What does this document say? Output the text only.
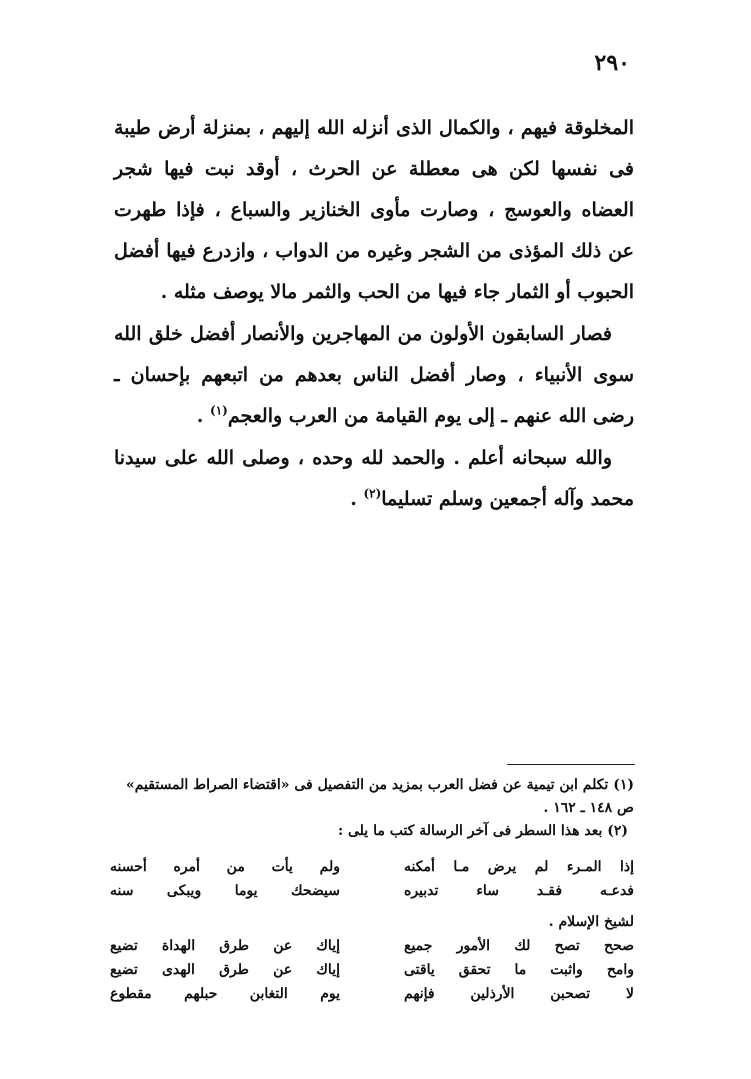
٢٩٠
المخلوقة فيهم ، والكمال الذى أنزله الله إليهم ، بمنزلة أرض طيبة فى نفسها لكن هى معطلة عن الحرث ، أوقد نبت فيها شجر العضاه والعوسج ، وصارت مأوى الخنازير والسباع ، فإذا طهرت عن ذلك المؤذى من الشجر وغيره من الدواب ، وازدرع فيها أفضل الحبوب أو الثمار جاء فيها من الحب والثمر مالا يوصف مثله .
فصار السابقون الأولون من المهاجرين والأنصار أفضل خلق الله سوى الأنبياء ، وصار أفضل الناس بعدهم من اتبعهم بإحسان ـ رضى الله عنهم ـ إلى يوم القيامة من العرب والعجم$^{(١)}$ .
والله سبحانه أعلم . والحمد لله وحده ، وصلى الله على سيدنا محمد وآله أجمعين وسلم تسليما$^{(٢)}$ .
(١) تكلم ابن تيمية عن فضل العرب بمزيد من التفصيل فى «اقتضاء الصراط المستقيم»
ص ١٤٨ ـ ١٦٢ .
(٢) بعد هذا السطر فى آخر الرسالة كتب ما يلى :
إذا المـرء لم يرض مـا أمكنه
ولم يأت من أمره أحسنه
فدعـه فقـد ساء تدبيره
سيضحك يوما ويبكى سنه
لشيخ الإسلام .
صحح تصح لك الأمور جميع
إياك عن طرق الهداة تضيع
وامح واثبت ما تحقق ياقتى
إياك عن طرق الهدى تضيع
لا تصحبن الأرذلين فإنهم
يوم التغابن حبلهم مقطوع
